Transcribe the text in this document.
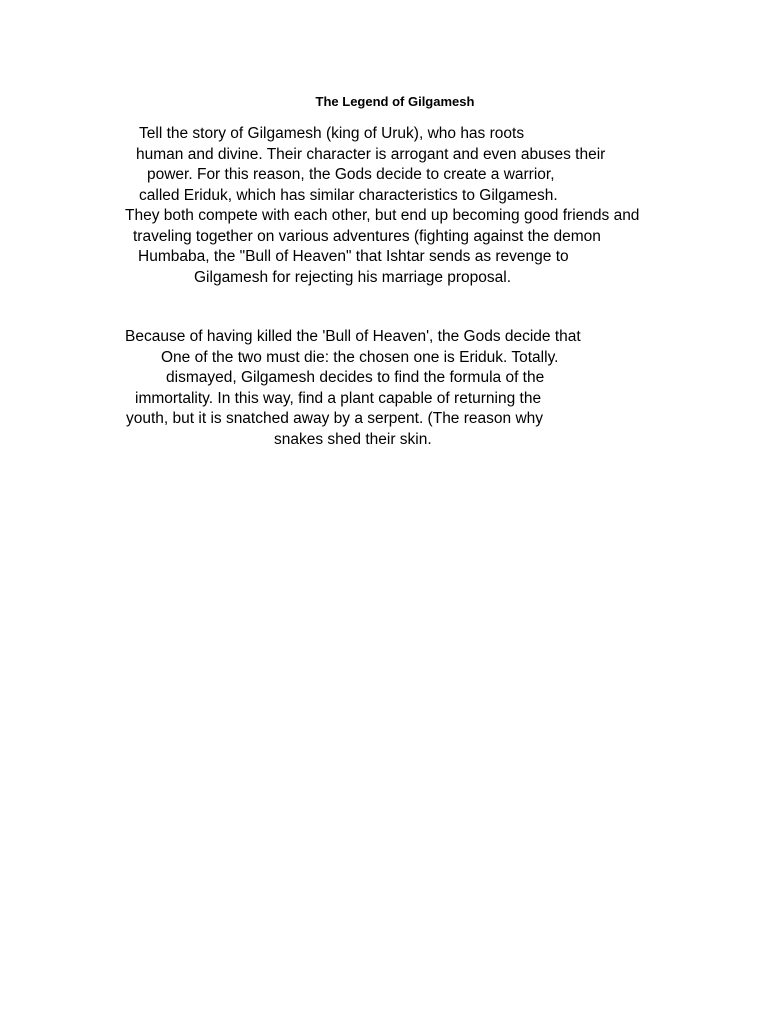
The Legend of Gilgamesh
Tell the story of Gilgamesh (king of Uruk), who has roots
human and divine. Their character is arrogant and even abuses their
power. For this reason, the Gods decide to create a warrior,
called Eriduk, which has similar characteristics to Gilgamesh.
They both compete with each other, but end up becoming good friends and
traveling together on various adventures (fighting against the demon
Humbaba, the "Bull of Heaven" that Ishtar sends as revenge to
Gilgamesh for rejecting his marriage proposal.
Because of having killed the 'Bull of Heaven', the Gods decide that
One of the two must die: the chosen one is Eriduk. Totally.
dismayed, Gilgamesh decides to find the formula of the
immortality. In this way, find a plant capable of returning the
youth, but it is snatched away by a serpent. (The reason why
snakes shed their skin.
